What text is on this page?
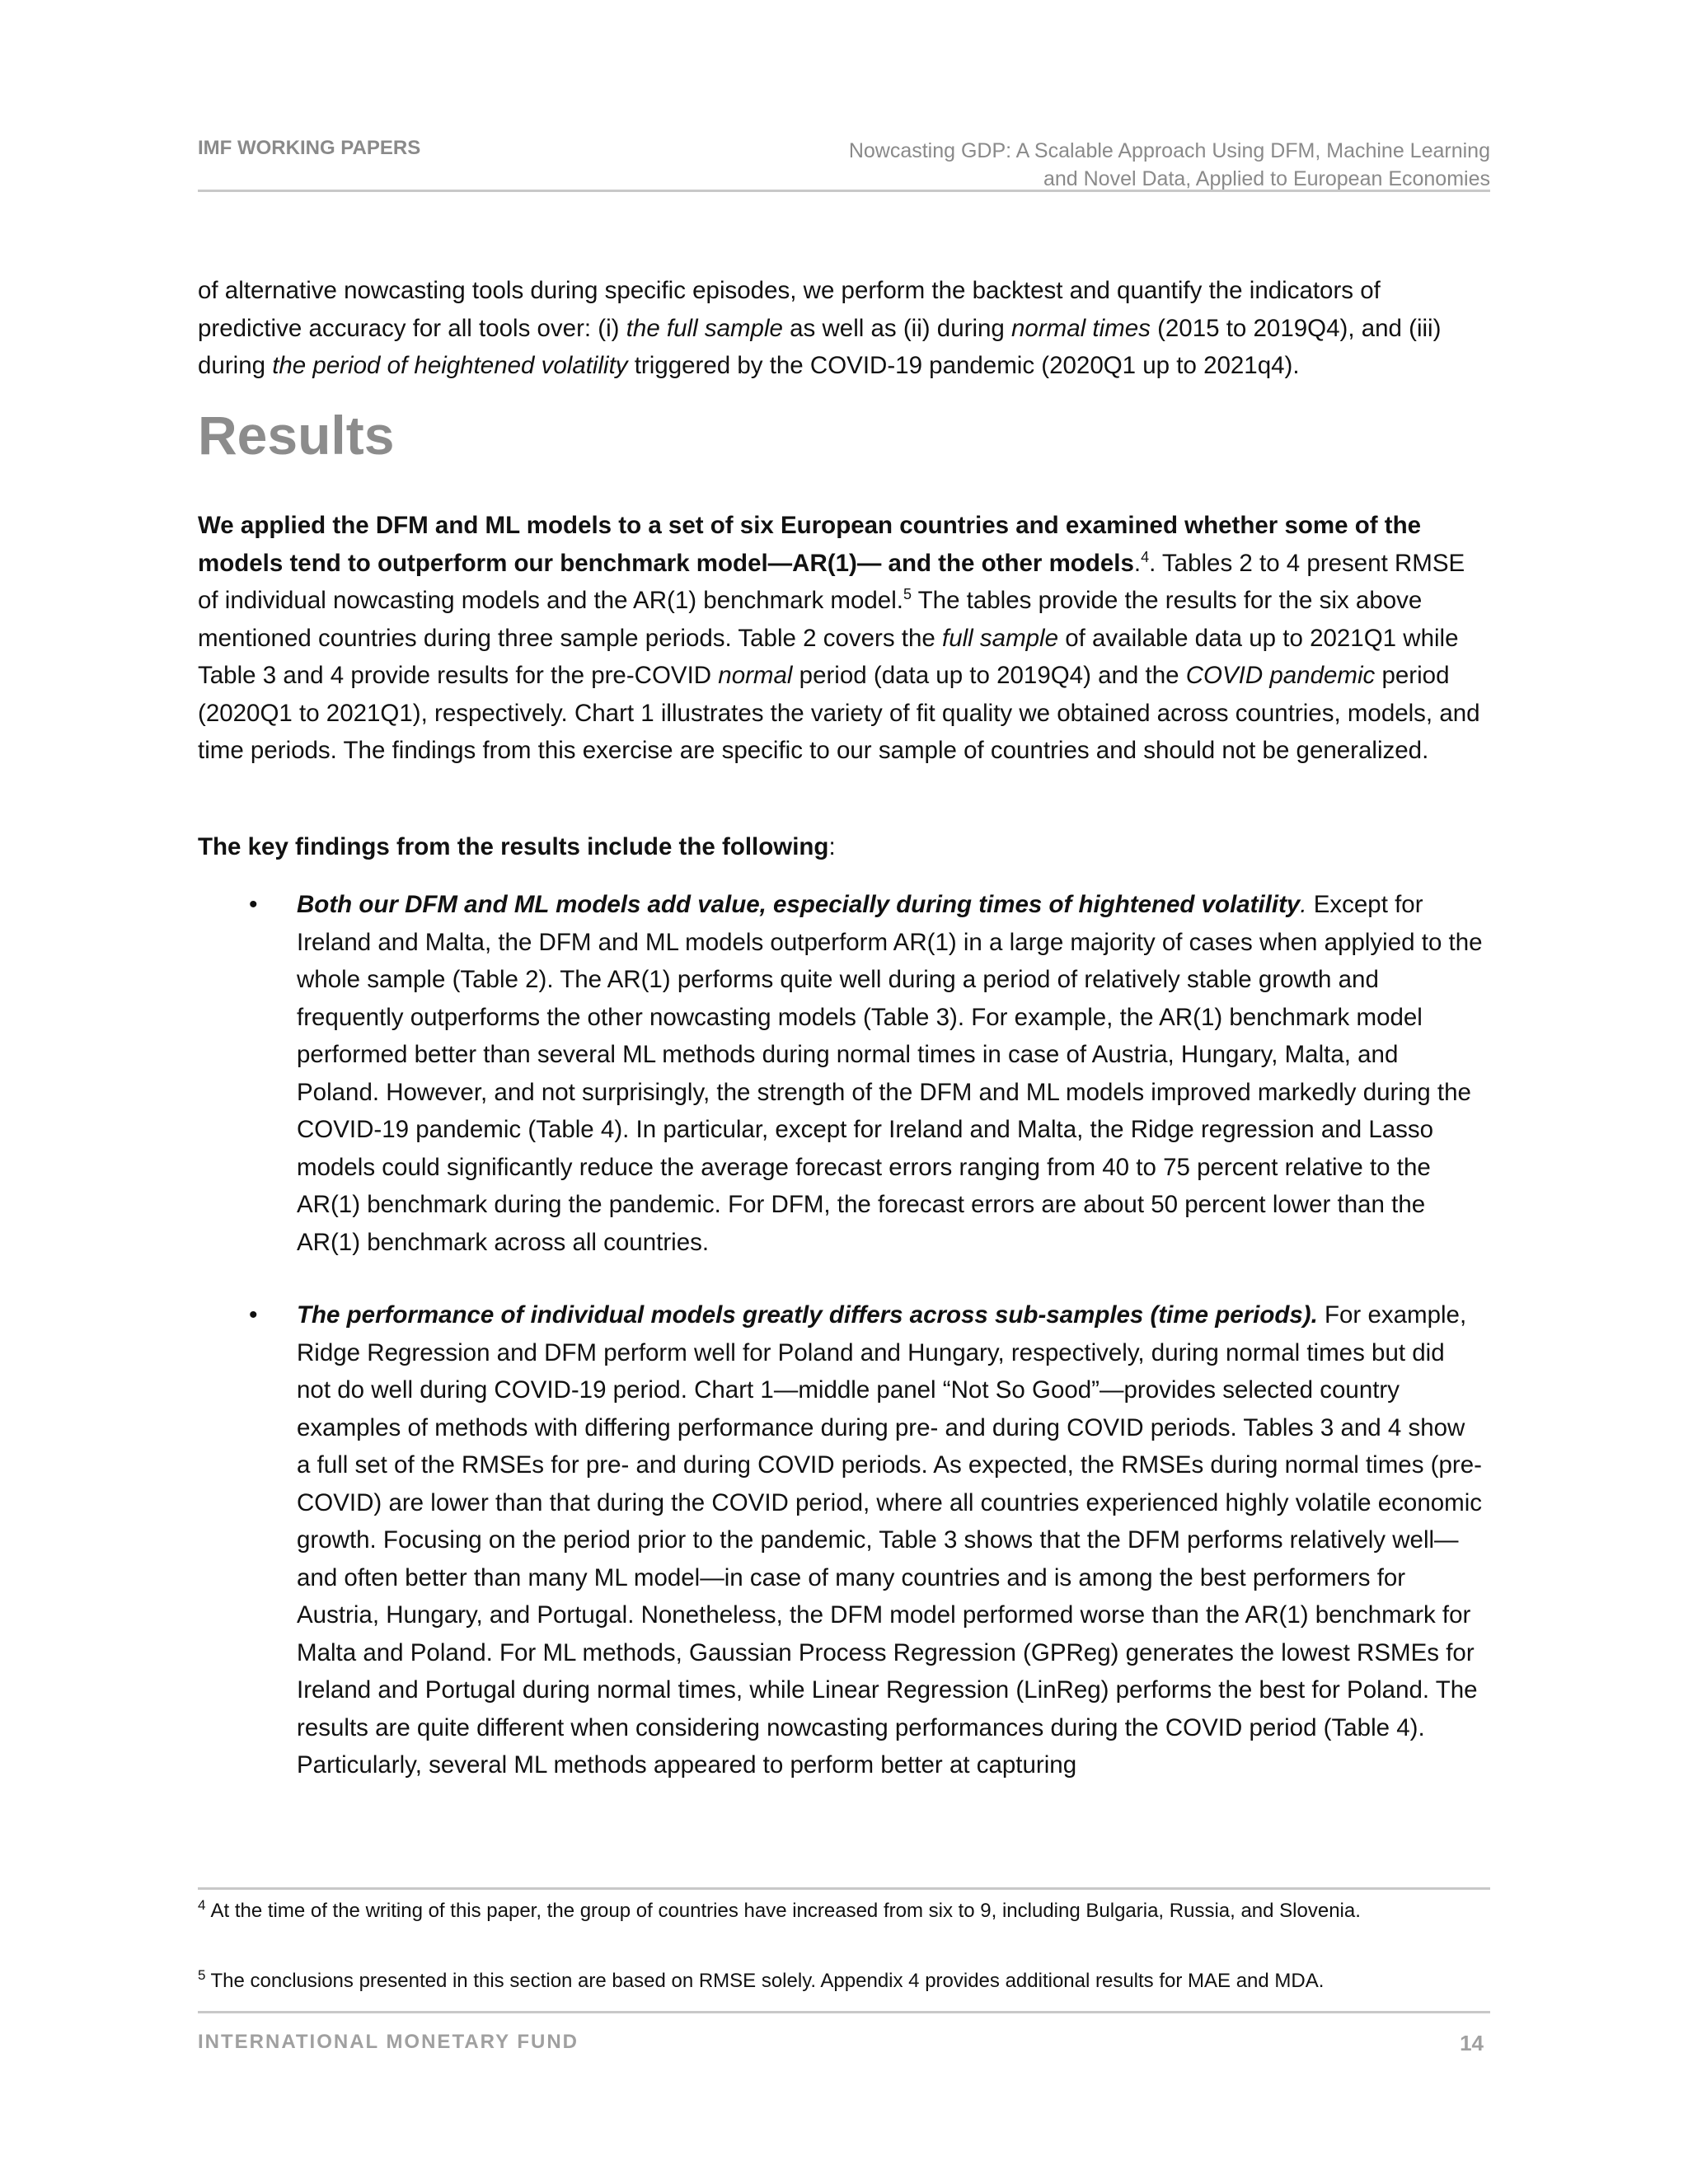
IMF WORKING PAPERS	Nowcasting GDP: A Scalable Approach Using DFM, Machine Learning
and Novel Data, Applied to European Economies

of alternative nowcasting tools during specific episodes, we perform the backtest and quantify the indicators of predictive accuracy for all tools over: (i) the full sample as well as (ii) during normal times (2015 to 2019Q4), and (iii) during the period of heightened volatility triggered by the COVID-19 pandemic (2020Q1 up to 2021q4).

Results

We applied the DFM and ML models to a set of six European countries and examined whether some of the models tend to outperform our benchmark model—AR(1)— and the other models.$^4$. Tables 2 to 4 present RMSE of individual nowcasting models and the AR(1) benchmark model.$^5$ The tables provide the results for the six above mentioned countries during three sample periods. Table 2 covers the full sample of available data up to 2021Q1 while Table 3 and 4 provide results for the pre-COVID normal period (data up to 2019Q4) and the COVID pandemic period (2020Q1 to 2021Q1), respectively. Chart 1 illustrates the variety of fit quality we obtained across countries, models, and time periods. The findings from this exercise are specific to our sample of countries and should not be generalized.

The key findings from the results include the following:

• Both our DFM and ML models add value, especially during times of hightened volatility. Except for Ireland and Malta, the DFM and ML models outperform AR(1) in a large majority of cases when applyied to the whole sample (Table 2). The AR(1) performs quite well during a period of relatively stable growth and frequently outperforms the other nowcasting models (Table 3). For example, the AR(1) benchmark model performed better than several ML methods during normal times in case of Austria, Hungary, Malta, and Poland. However, and not surprisingly, the strength of the DFM and ML models improved markedly during the COVID-19 pandemic (Table 4). In particular, except for Ireland and Malta, the Ridge regression and Lasso models could significantly reduce the average forecast errors ranging from 40 to 75 percent relative to the AR(1) benchmark during the pandemic. For DFM, the forecast errors are about 50 percent lower than the AR(1) benchmark across all countries.

• The performance of individual models greatly differs across sub-samples (time periods). For example, Ridge Regression and DFM perform well for Poland and Hungary, respectively, during normal times but did not do well during COVID-19 period. Chart 1—middle panel “Not So Good”—provides selected country examples of methods with differing performance during pre- and during COVID periods. Tables 3 and 4 show a full set of the RMSEs for pre- and during COVID periods. As expected, the RMSEs during normal times (pre-COVID) are lower than that during the COVID period, where all countries experienced highly volatile economic growth. Focusing on the period prior to the pandemic, Table 3 shows that the DFM performs relatively well—and often better than many ML model—in case of many countries and is among the best performers for Austria, Hungary, and Portugal. Nonetheless, the DFM model performed worse than the AR(1) benchmark for Malta and Poland. For ML methods, Gaussian Process Regression (GPReg) generates the lowest RSMEs for Ireland and Portugal during normal times, while Linear Regression (LinReg) performs the best for Poland. The results are quite different when considering nowcasting performances during the COVID period (Table 4). Particularly, several ML methods appeared to perform better at capturing

$^4$ At the time of the writing of this paper, the group of countries have increased from six to 9, including Bulgaria, Russia, and Slovenia.
$^5$ The conclusions presented in this section are based on RMSE solely. Appendix 4 provides additional results for MAE and MDA.
INTERNATIONAL MONETARY FUND	14
